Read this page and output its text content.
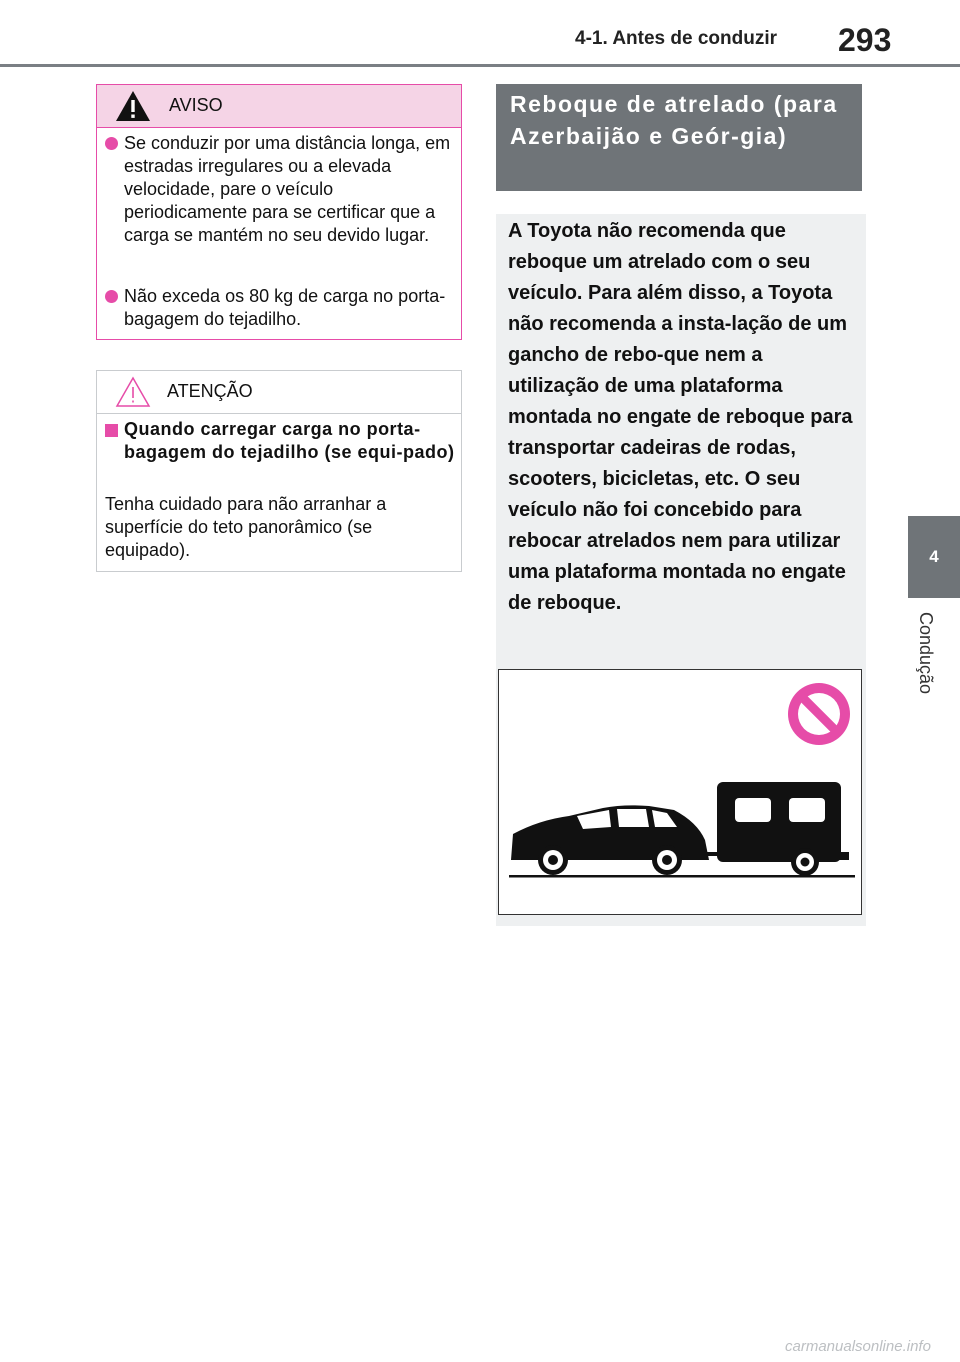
4-1. Antes de conduzir 293
4
Condução
AVISO
Se conduzir por uma distância longa, em estradas irregulares ou a elevada velocidade, pare o veículo periodicamente para se certificar que a carga se mantém no seu devido lugar.
Não exceda os 80 kg de carga no porta-bagagem do tejadilho.
ATENÇÃO
Quando carregar carga no porta-bagagem do tejadilho (se equi-pado)
Tenha cuidado para não arranhar a superfície do teto panorâmico (se equipado).
Reboque de atrelado (para Azerbaijão e Geór-gia)
A Toyota não recomenda que reboque um atrelado com o seu veículo. Para além disso, a Toyota não recomenda a insta-lação de um gancho de rebo-que nem a utilização de uma plataforma montada no engate de reboque para transportar cadeiras de rodas, scooters, bicicletas, etc. O seu veículo não foi concebido para rebocar atrelados nem para utilizar uma plataforma montada no engate de reboque.
carmanualsonline.info
